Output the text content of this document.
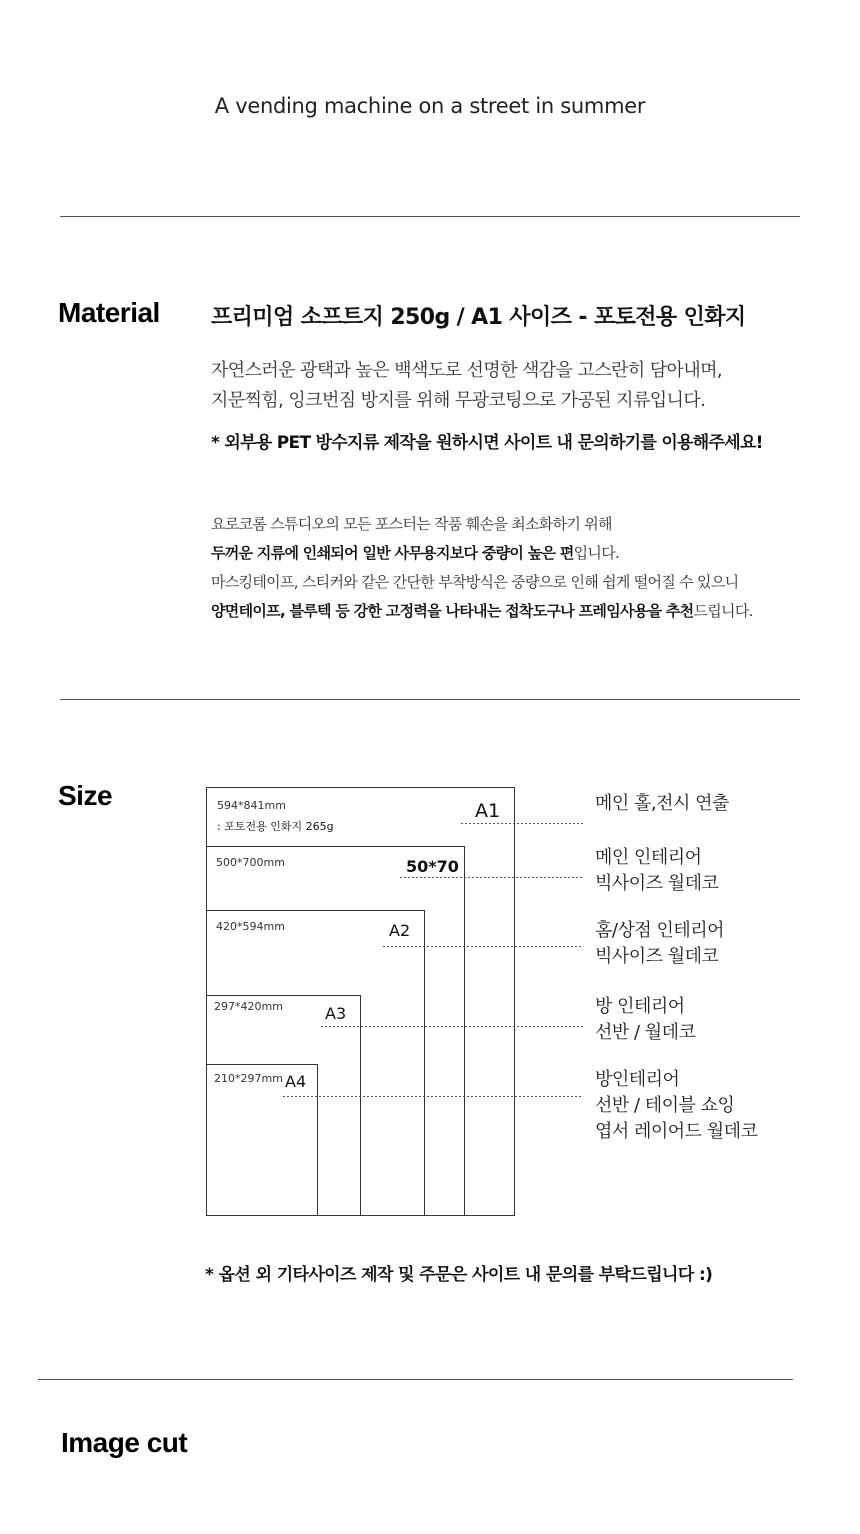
A vending machine on a street in summer
Material 프리미엄 소프트지 250g / A1 사이즈 - 포토전용 인화지
자연스러운 광택과 높은 백색도로 선명한 색감을 고스란히 담아내며,
지문찍힘, 잉크번짐 방지를 위해 무광코팅으로 가공된 지류입니다.
* 외부용 PET 방수지류 제작을 원하시면 사이트 내 문의하기를 이용해주세요!
요로코롬 스튜디오의 모든 포스터는 작품 훼손을 최소화하기 위해
두꺼운 지류에 인쇄되어 일반 사무용지보다 중량이 높은 편입니다.
마스킹테이프, 스티커와 같은 간단한 부착방식은 중량으로 인해 쉽게 떨어질 수 있으니
양면테이프, 블루텍 등 강한 고정력을 나타내는 접착도구나 프레임사용을 추천드립니다.
Size	594*841mm
: 포토전용 인화지 265g
A1
500*700mm	50*70
420*594mm	A2
297*420mm	A3
210*297mm A4
메인 홀,전시 연출
메인 인테리어
빅사이즈 월데코
홈/상점 인테리어
빅사이즈 월데코
방 인테리어
선반 / 월데코
방인테리어
선반 / 테이블 쇼잉
엽서 레이어드 월데코
* 옵션 외 기타사이즈 제작 및 주문은 사이트 내 문의를 부탁드립니다 :)
Image cut
